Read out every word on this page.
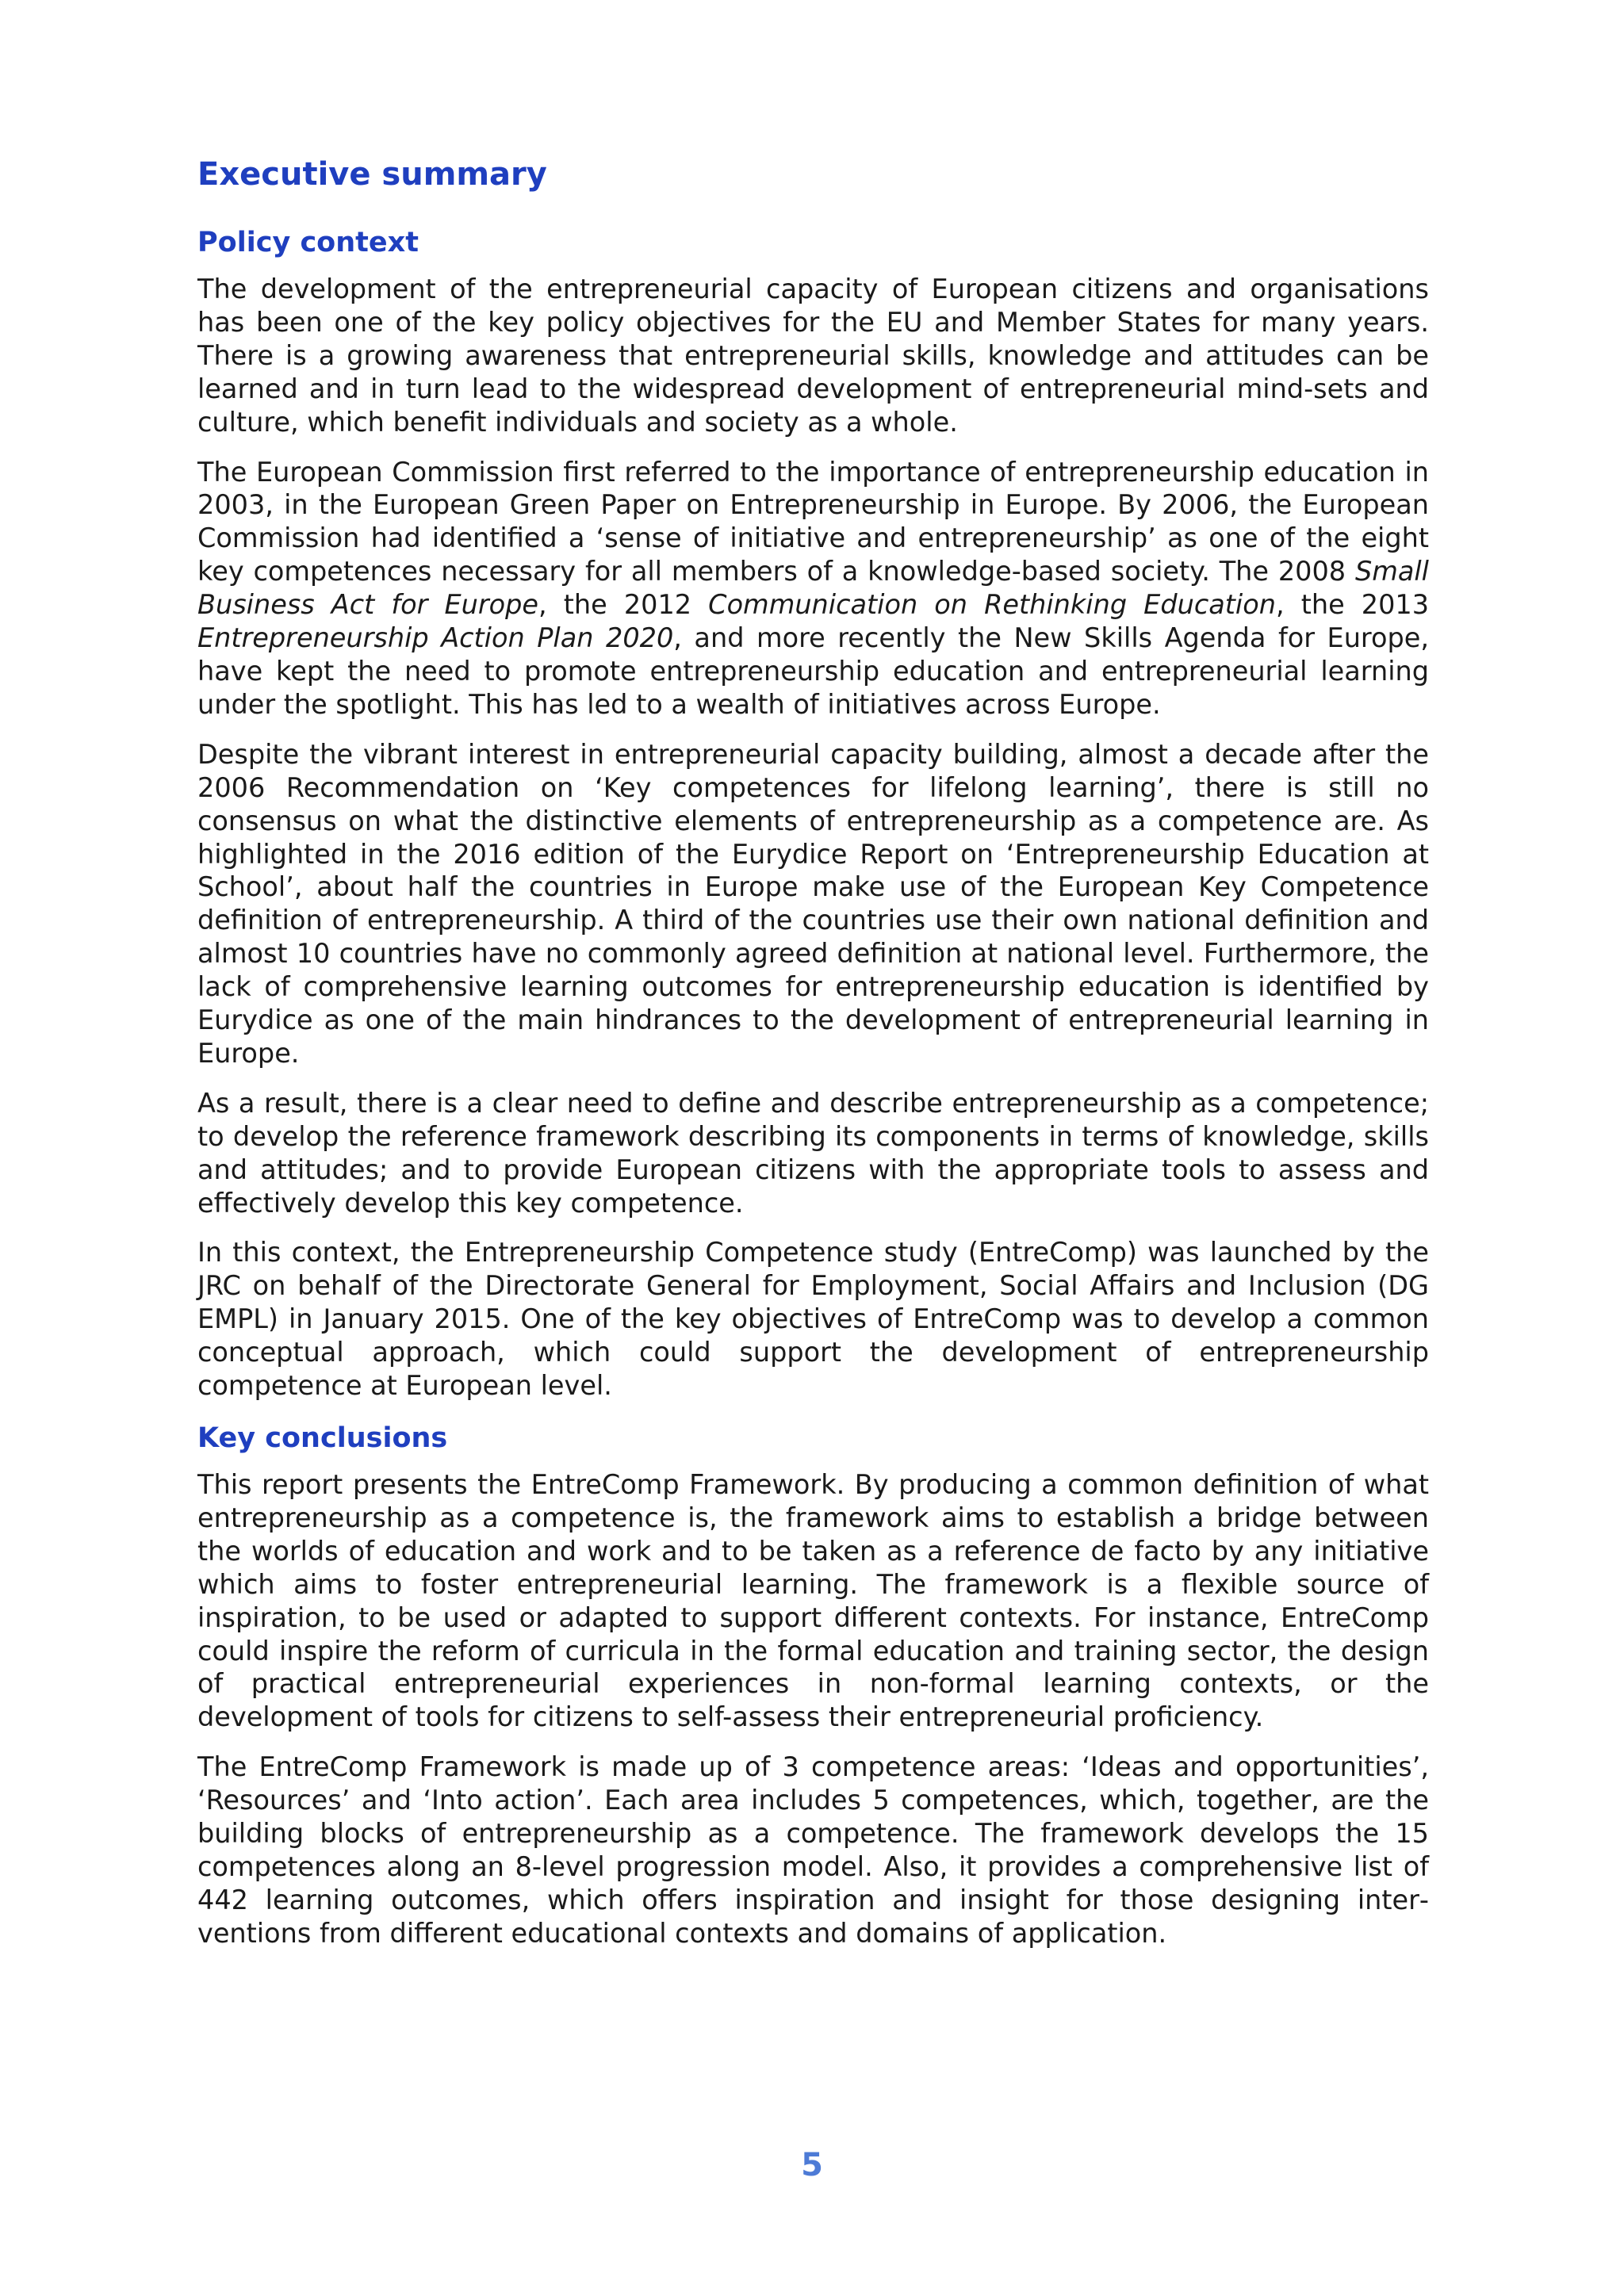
Executive summary
Policy context

The development of the entrepreneurial capacity of European citizens and organisations has been one of the key policy objectives for the EU and Member States for many years. There is a growing awareness that entrepreneurial skills, knowledge and attitudes can be learned and in turn lead to the widespread development of entrepreneurial mind-sets and culture, which benefit individuals and society as a whole.

The European Commission first referred to the importance of entrepreneurship education in 2003, in the European Green Paper on Entrepreneurship in Europe. By 2006, the European Commission had identified a ‘sense of initiative and entrepreneurship’ as one of the eight key competences necessary for all members of a knowledge-based society. The 2008 Small Business Act for Europe, the 2012 Communication on Rethinking Education, the 2013 Entrepreneurship Action Plan 2020, and more recently the New Skills Agenda for Europe, have kept the need to promote entrepreneurship education and entrepreneurial learning under the spotlight. This has led to a wealth of initiatives across Europe.

Despite the vibrant interest in entrepreneurial capacity building, almost a decade after the 2006 Recommendation on ‘Key competences for lifelong learning’, there is still no consensus on what the distinctive elements of entrepreneurship as a competence are. As highlighted in the 2016 edition of the Eurydice Report on ‘Entrepreneurship Education at School’, about half the countries in Europe make use of the European Key Competence definition of entrepreneurship. A third of the countries use their own national definition and almost 10 countries have no commonly agreed definition at national level. Furthermore, the lack of comprehensive learning outcomes for entrepreneurship education is identified by Eurydice as one of the main hindrances to the development of entrepreneurial learning in Europe.

As a result, there is a clear need to define and describe entrepreneurship as a competence; to develop the reference framework describing its components in terms of knowledge, skills and attitudes; and to provide European citizens with the appropriate tools to assess and effectively develop this key competence.

In this context, the Entrepreneurship Competence study (EntreComp) was launched by the JRC on behalf of the Directorate General for Employment, Social Affairs and Inclusion (DG EMPL) in January 2015. One of the key objectives of EntreComp was to develop a common conceptual approach, which could support the development of entrepreneurship competence at European level.

Key conclusions

This report presents the EntreComp Framework. By producing a common definition of what entrepreneurship as a competence is, the framework aims to establish a bridge between the worlds of education and work and to be taken as a reference de facto by any initiative which aims to foster entrepreneurial learning. The framework is a flexible source of inspiration, to be used or adapted to support different contexts. For instance, EntreComp could inspire the reform of curricula in the formal education and training sector, the design of practical entrepreneurial experiences in non-formal learning contexts, or the development of tools for citizens to self-assess their entrepreneurial proficiency.

The EntreComp Framework is made up of 3 competence areas: ‘Ideas and opportunities’, ‘Resources’ and ‘Into action’. Each area includes 5 competences, which, together, are the building blocks of entrepreneurship as a competence. The framework develops the 15 competences along an 8-level progression model. Also, it provides a comprehensive list of 442 learning outcomes, which offers inspiration and insight for those designing interventions from different educational contexts and domains of application.

5
